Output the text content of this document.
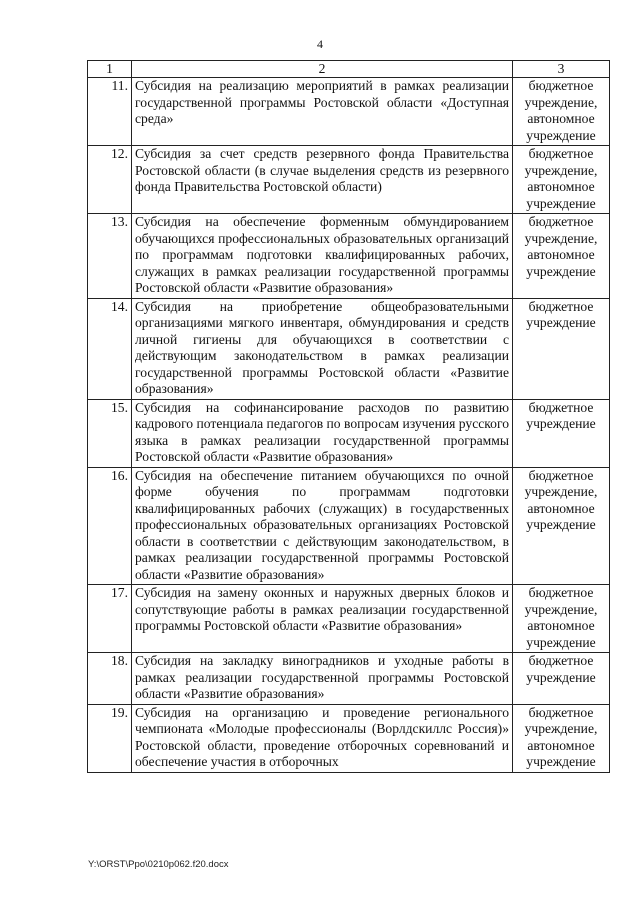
4
1	2	3
11.	Субсидия на реализацию мероприятий в рамках реализации государственной программы Ростовской области «Доступная среда»	бюджетное учреждение, автономное учреждение
12.	Субсидия за счет средств резервного фонда Правительства Ростовской области (в случае выделения средств из резервного фонда Правительства Ростовской области)	бюджетное учреждение, автономное учреждение
13.	Субсидия на обеспечение форменным обмундированием обучающихся профессиональных образовательных организаций по программам подготовки квалифицированных рабочих, служащих в рамках реализации государственной программы Ростовской области «Развитие образования»	бюджетное учреждение, автономное учреждение
14.	Субсидия на приобретение общеобразовательными организациями мягкого инвентаря, обмундирования и средств личной гигиены для обучающихся в соответствии с действующим законодательством в рамках реализации государственной программы Ростовской области «Развитие образования»	бюджетное учреждение
15.	Субсидия на софинансирование расходов по развитию кадрового потенциала педагогов по вопросам изучения русского языка в рамках реализации государственной программы Ростовской области «Развитие образования»	бюджетное учреждение
16.	Субсидия на обеспечение питанием обучающихся по очной форме обучения по программам подготовки квалифицированных рабочих (служащих) в государственных профессиональных образовательных организациях Ростовской области в соответствии с действующим законодательством, в рамках реализации государственной программы Ростовской области «Развитие образования»	бюджетное учреждение, автономное учреждение
17.	Субсидия на замену оконных и наружных дверных блоков и сопутствующие работы в рамках реализации государственной программы Ростовской области «Развитие образования»	бюджетное учреждение, автономное учреждение
18.	Субсидия на закладку виноградников и уходные работы в рамках реализации государственной программы Ростовской области «Развитие образования»	бюджетное учреждение
19.	Субсидия на организацию и проведение регионального чемпионата «Молодые профессионалы (Ворлдскиллс Россия)» Ростовской области, проведение отборочных соревнований и обеспечение участия в отборочных	бюджетное учреждение, автономное учреждение
Y:\ORST\Ppo\0210p062.f20.docx
